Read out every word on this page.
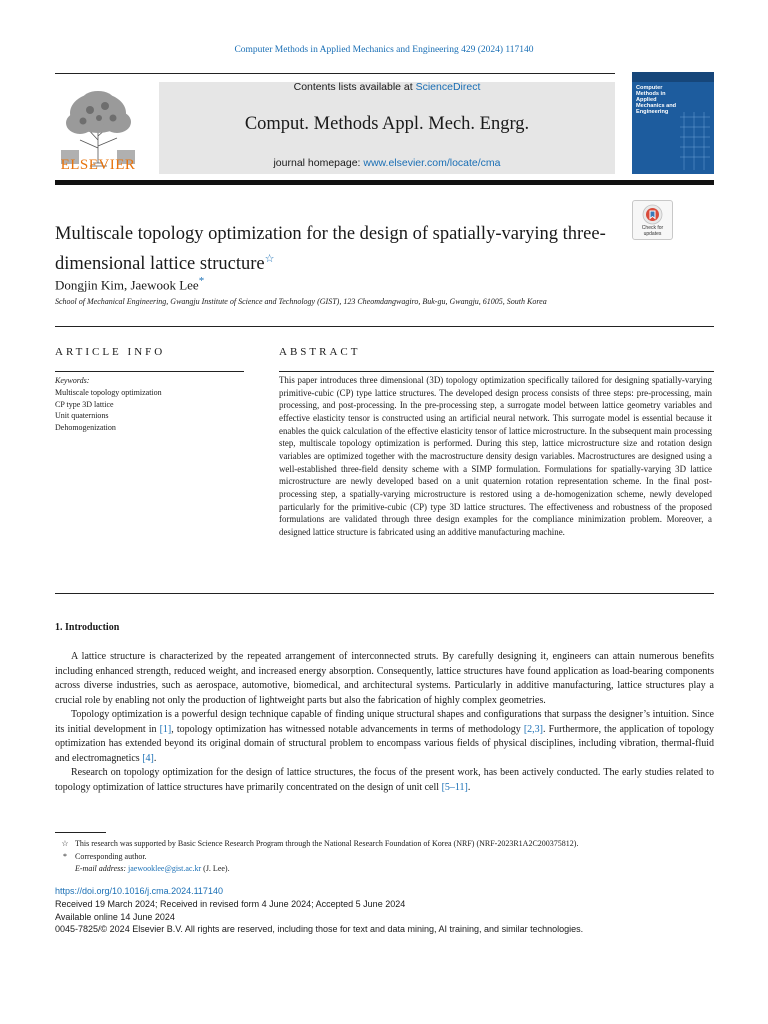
Computer Methods in Applied Mechanics and Engineering 429 (2024) 117140
ELSEVIER
Contents lists available at ScienceDirect
Comput. Methods Appl. Mech. Engrg.
journal homepage: www.elsevier.com/locate/cma
Computer Methods in Applied Mechanics and Engineering
Check for updates
Multiscale topology optimization for the design of spatially-varying three-dimensional lattice structure☆
Dongjin Kim, Jaewook Lee*
School of Mechanical Engineering, Gwangju Institute of Science and Technology (GIST), 123 Cheomdangwagiro, Buk-gu, Gwangju, 61005, South Korea
ARTICLE INFO	ABSTRACT
Keywords:
Multiscale topology optimization
CP type 3D lattice
Unit quaternions
Dehomogenization
This paper introduces three dimensional (3D) topology optimization specifically tailored for designing spatially-varying primitive-cubic (CP) type lattice structures. The developed design process consists of three steps: pre-processing, main processing, and post-processing. In the pre-processing step, a surrogate model between lattice geometry variables and effective elasticity tensor is constructed using an artificial neural network. This surrogate model is essential because it enables the quick calculation of the effective elasticity tensor of lattice microstructure. In the subsequent main processing step, multiscale topology optimization is performed. During this step, lattice microstructure size and rotation design variables are optimized together with the macrostructure density design variables. Macrostructures are designed using a well-established three-field density scheme with a SIMP formulation. Formulations for spatially-varying 3D lattice microstructure are newly developed based on a unit quaternion rotation representation scheme. In the final post-processing step, a spatially-varying microstructure is restored using a de-homogenization scheme, newly developed particularly for the primitive-cubic (CP) type 3D lattice structures. The effectiveness and robustness of the proposed formulations are validated through three design examples for the compliance minimization problem. Moreover, a designed lattice structure is fabricated using an additive manufacturing machine.
1. Introduction

A lattice structure is characterized by the repeated arrangement of interconnected struts. By carefully designing it, engineers can attain numerous benefits including enhanced strength, reduced weight, and increased energy absorption. Consequently, lattice structures have found application as load-bearing components across diverse industries, such as aerospace, automotive, biomedical, and architectural systems. Particularly in additive manufacturing, lattice structures play a crucial role by enabling not only the production of lightweight parts but also the fabrication of highly complex geometries.

Topology optimization is a powerful design technique capable of finding unique structural shapes and configurations that surpass the designer’s intuition. Since its initial development in [1], topology optimization has witnessed notable advancements in terms of methodology [2,3]. Furthermore, the application of topology optimization has extended beyond its original domain of structural problem to encompass various fields of physical disciplines, including vibration, thermal-fluid and electromagnetics [4].

Research on topology optimization for the design of lattice structures, the focus of the present work, has been actively conducted. The early studies related to topology optimization of lattice structures have primarily concentrated on the design of unit cell [5–11].

☆ This research was supported by Basic Science Research Program through the National Research Foundation of Korea (NRF) (NRF-2023R1A2C200375812).
* Corresponding author.
E-mail address: jaewooklee@gist.ac.kr (J. Lee).
https://doi.org/10.1016/j.cma.2024.117140
Received 19 March 2024; Received in revised form 4 June 2024; Accepted 5 June 2024
Available online 14 June 2024
0045-7825/© 2024 Elsevier B.V. All rights are reserved, including those for text and data mining, AI training, and similar technologies.
